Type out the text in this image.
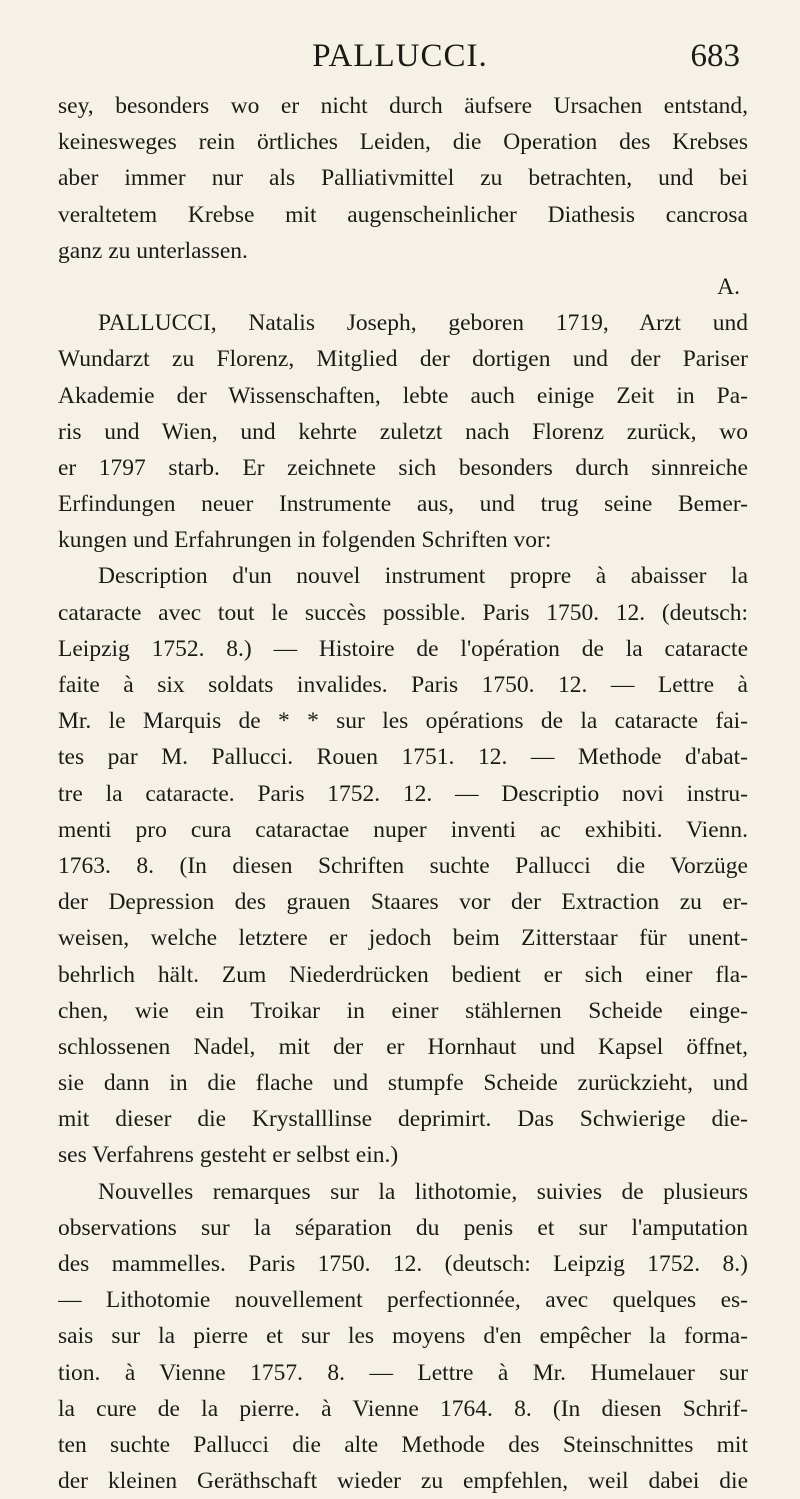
PALLUCCI.	683
sey, besonders wo er nicht durch äufsere Ursachen entstand,
keinesweges rein örtliches Leiden, die Operation des Krebses
aber immer nur als Palliativmittel zu betrachten, und bei
veraltetem Krebse mit augenscheinlicher Diathesis cancrosa
ganz zu unterlassen.
A.
PALLUCCI, Natalis Joseph, geboren 1719, Arzt und
Wundarzt zu Florenz, Mitglied der dortigen und der Pariser
Akademie der Wissenschaften, lebte auch einige Zeit in Pa-
ris und Wien, und kehrte zuletzt nach Florenz zurück, wo
er 1797 starb. Er zeichnete sich besonders durch sinnreiche
Erfindungen neuer Instrumente aus, und trug seine Bemer-
kungen und Erfahrungen in folgenden Schriften vor:
Description d'un nouvel instrument propre à abaisser la
cataracte avec tout le succès possible. Paris 1750. 12. (deutsch:
Leipzig 1752. 8.) — Histoire de l'opération de la cataracte
faite à six soldats invalides. Paris 1750. 12. — Lettre à
Mr. le Marquis de * * sur les opérations de la cataracte fai-
tes par M. Pallucci. Rouen 1751. 12. — Methode d'abat-
tre la cataracte. Paris 1752. 12. — Descriptio novi instru-
menti pro cura cataractae nuper inventi ac exhibiti. Vienn.
1763. 8. (In diesen Schriften suchte Pallucci die Vorzüge
der Depression des grauen Staares vor der Extraction zu er-
weisen, welche letztere er jedoch beim Zitterstaar für unent-
behrlich hält. Zum Niederdrücken bedient er sich einer fla-
chen, wie ein Troikar in einer stählernen Scheide einge-
schlossenen Nadel, mit der er Hornhaut und Kapsel öffnet,
sie dann in die flache und stumpfe Scheide zurückzieht, und
mit dieser die Krystalllinse deprimirt. Das Schwierige die-
ses Verfahrens gesteht er selbst ein.)
Nouvelles remarques sur la lithotomie, suivies de plusieurs
observations sur la séparation du penis et sur l'amputation
des mammelles. Paris 1750. 12. (deutsch: Leipzig 1752. 8.)
— Lithotomie nouvellement perfectionnée, avec quelques es-
sais sur la pierre et sur les moyens d'en empêcher la forma-
tion. à Vienne 1757. 8. — Lettre à Mr. Humelauer sur
la cure de la pierre. à Vienne 1764. 8. (In diesen Schrif-
ten suchte Pallucci die alte Methode des Steinschnittes mit
der kleinen Geräthschaft wieder zu empfehlen, weil dabei die
